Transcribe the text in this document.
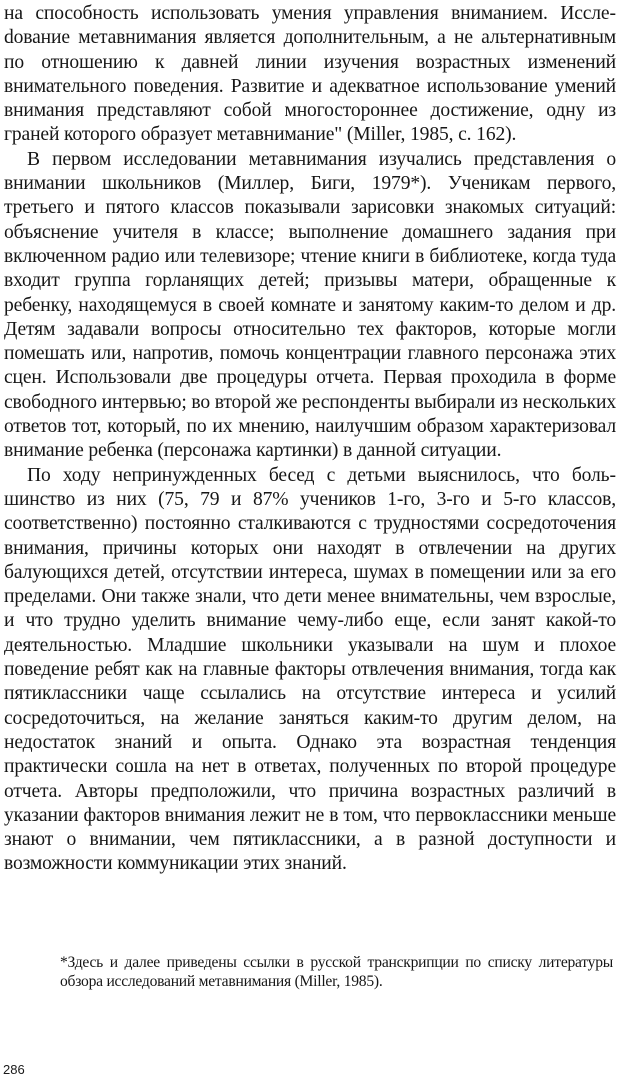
на способность использовать умения управления вниманием. Исслеdование метавнимания является дополнительным, а не альтернативным по отношению к давней линии изучения возрастных изменений внимательного поведения. Развитие и адекватное использование умений внимания представляют собой многостороннее достижение, одну из граней которого образует метавнимание" (Miller, 1985, с. 162).

В первом исследовании метавнимания изучались представления о внимании школьников (Миллер, Биги, 1979*). Ученикам первого, третьего и пятого классов показывали зарисовки знакомых ситуаций: объяснение учителя в классе; выполнение домашнего задания при включенном радио или телевизоре; чтение книги в библиотеке, когда туда входит группа горланящих детей; призывы матери, обращенные к ребенку, находящемуся в своей комнате и занятому каким-то делом и др. Детям задавали вопросы относительно тех факторов, которые могли помешать или, напротив, помочь концентрации главного персонажа этих сцен. Использовали две процедуры отчета. Первая проходила в форме свободного интервью; во второй же респонденты выбирали из нескольких ответов тот, который, по их мнению, наилучшим образом характеризовал внимание ребенка (персонажа картинки) в данной ситуации.

По ходу непринужденных бесед с детьми выяснилось, что большинство из них (75, 79 и 87% учеников 1-го, 3-го и 5-го классов, соответственно) постоянно сталкиваются с трудностями сосредоточения внимания, причины которых они находят в отвлечении на других балующихся детей, отсутствии интереса, шумах в помещении или за его пределами. Они также знали, что дети менее внимательны, чем взрослые, и что трудно уделить внимание чему-либо еще, если занят какой-то деятельностью. Младшие школьники указывали на шум и плохое поведение ребят как на главные факторы отвлечения внимания, тогда как пятиклассники чаще ссылались на отсутствие интереса и усилий сосредоточиться, на желание заняться каким-то другим делом, на недостаток знаний и опыта. Однако эта возрастная тенденция практически сошла на нет в ответах, полученных по второй процедуре отчета. Авторы предположили, что причина возрастных различий в указании факторов внимания лежит не в том, что первоклассники меньше знают о внимании, чем пятиклассники, а в разной доступности и возможности коммуникации этих знаний.

*Здесь и далее приведены ссылки в русской транскрипции по списку литературы обзора исследований метавнимания (Miller, 1985).
286
